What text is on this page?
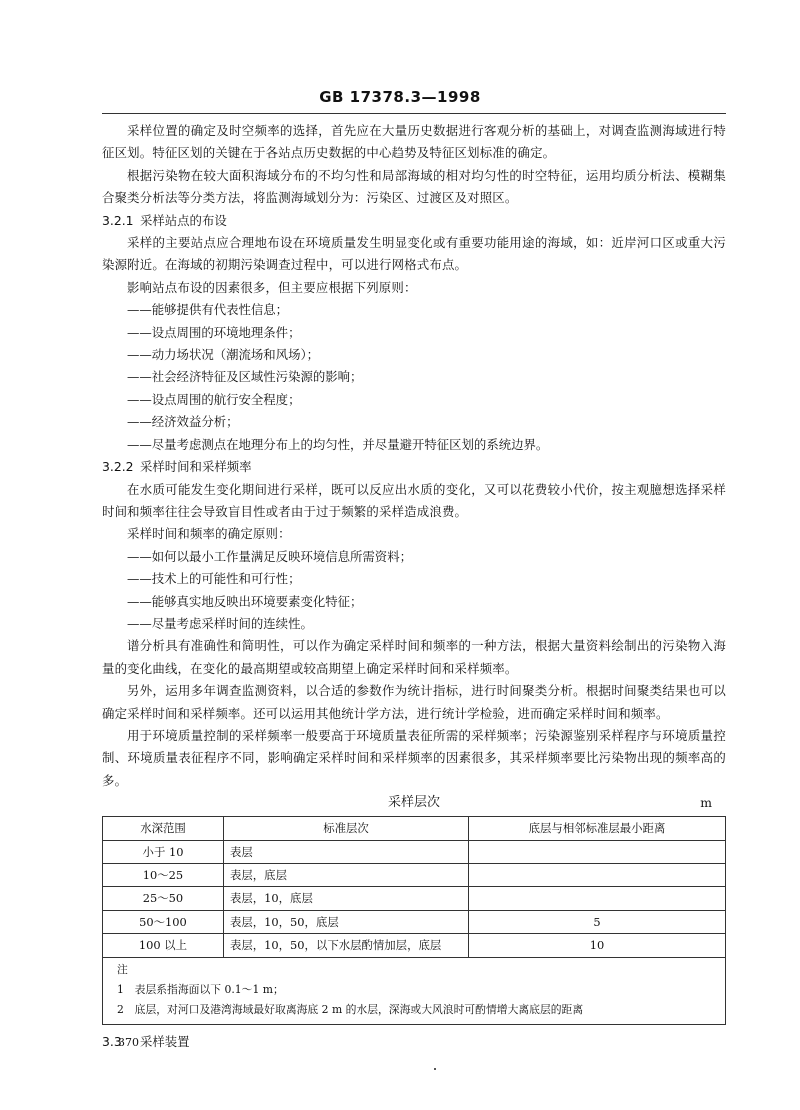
GB 17378.3—1998

采样位置的确定及时空频率的选择，首先应在大量历史数据进行客观分析的基础上，对调查监测海域进行特征区划。特征区划的关键在于各站点历史数据的中心趋势及特征区划标准的确定。

根据污染物在较大面积海域分布的不均匀性和局部海域的相对均匀性的时空特征，运用均质分析法、模糊集合聚类分析法等分类方法，将监测海域划分为：污染区、过渡区及对照区。

3.2.1 采样站点的布设

采样的主要站点应合理地布设在环境质量发生明显变化或有重要功能用途的海域，如：近岸河口区或重大污染源附近。在海域的初期污染调查过程中，可以进行网格式布点。

影响站点布设的因素很多，但主要应根据下列原则：

——能够提供有代表性信息；

——设点周围的环境地理条件；

——动力场状况（潮流场和风场）；

——社会经济特征及区域性污染源的影响；

——设点周围的航行安全程度；

——经济效益分析；

——尽量考虑测点在地理分布上的均匀性，并尽量避开特征区划的系统边界。

3.2.2 采样时间和采样频率

在水质可能发生变化期间进行采样，既可以反应出水质的变化，又可以花费较小代价，按主观臆想选择采样时间和频率往往会导致盲目性或者由于过于频繁的采样造成浪费。

采样时间和频率的确定原则：

——如何以最小工作量满足反映环境信息所需资料；

——技术上的可能性和可行性；

——能够真实地反映出环境要素变化特征；

——尽量考虑采样时间的连续性。

谱分析具有准确性和简明性，可以作为确定采样时间和频率的一种方法，根据大量资料绘制出的污染物入海量的变化曲线，在变化的最高期望或较高期望上确定采样时间和采样频率。

另外，运用多年调查监测资料，以合适的参数作为统计指标，进行时间聚类分析。根据时间聚类结果也可以确定采样时间和采样频率。还可以运用其他统计学方法，进行统计学检验，进而确定采样时间和频率。

用于环境质量控制的采样频率一般要高于环境质量表征所需的采样频率；污染源鉴别采样程序与环境质量控制、环境质量表征程序不同，影响确定采样时间和采样频率的因素很多，其采样频率要比污染物出现的频率高的多。

采样层次	m
水深范围	标准层次	底层与相邻标准层最小距离
小于 10	表层	
10～25	表层，底层	
25～50	表层，10，底层	
50～100	表层，10，50，底层	5
100 以上	表层，10，50，以下水层酌情加层，底层	10

注

1　表层系指海面以下 0.1～1 m；

2　底层，对河口及港湾海域最好取离海底 2 m 的水层，深海或大风浪时可酌情增大离底层的距离		

3.3 采样装置

370
